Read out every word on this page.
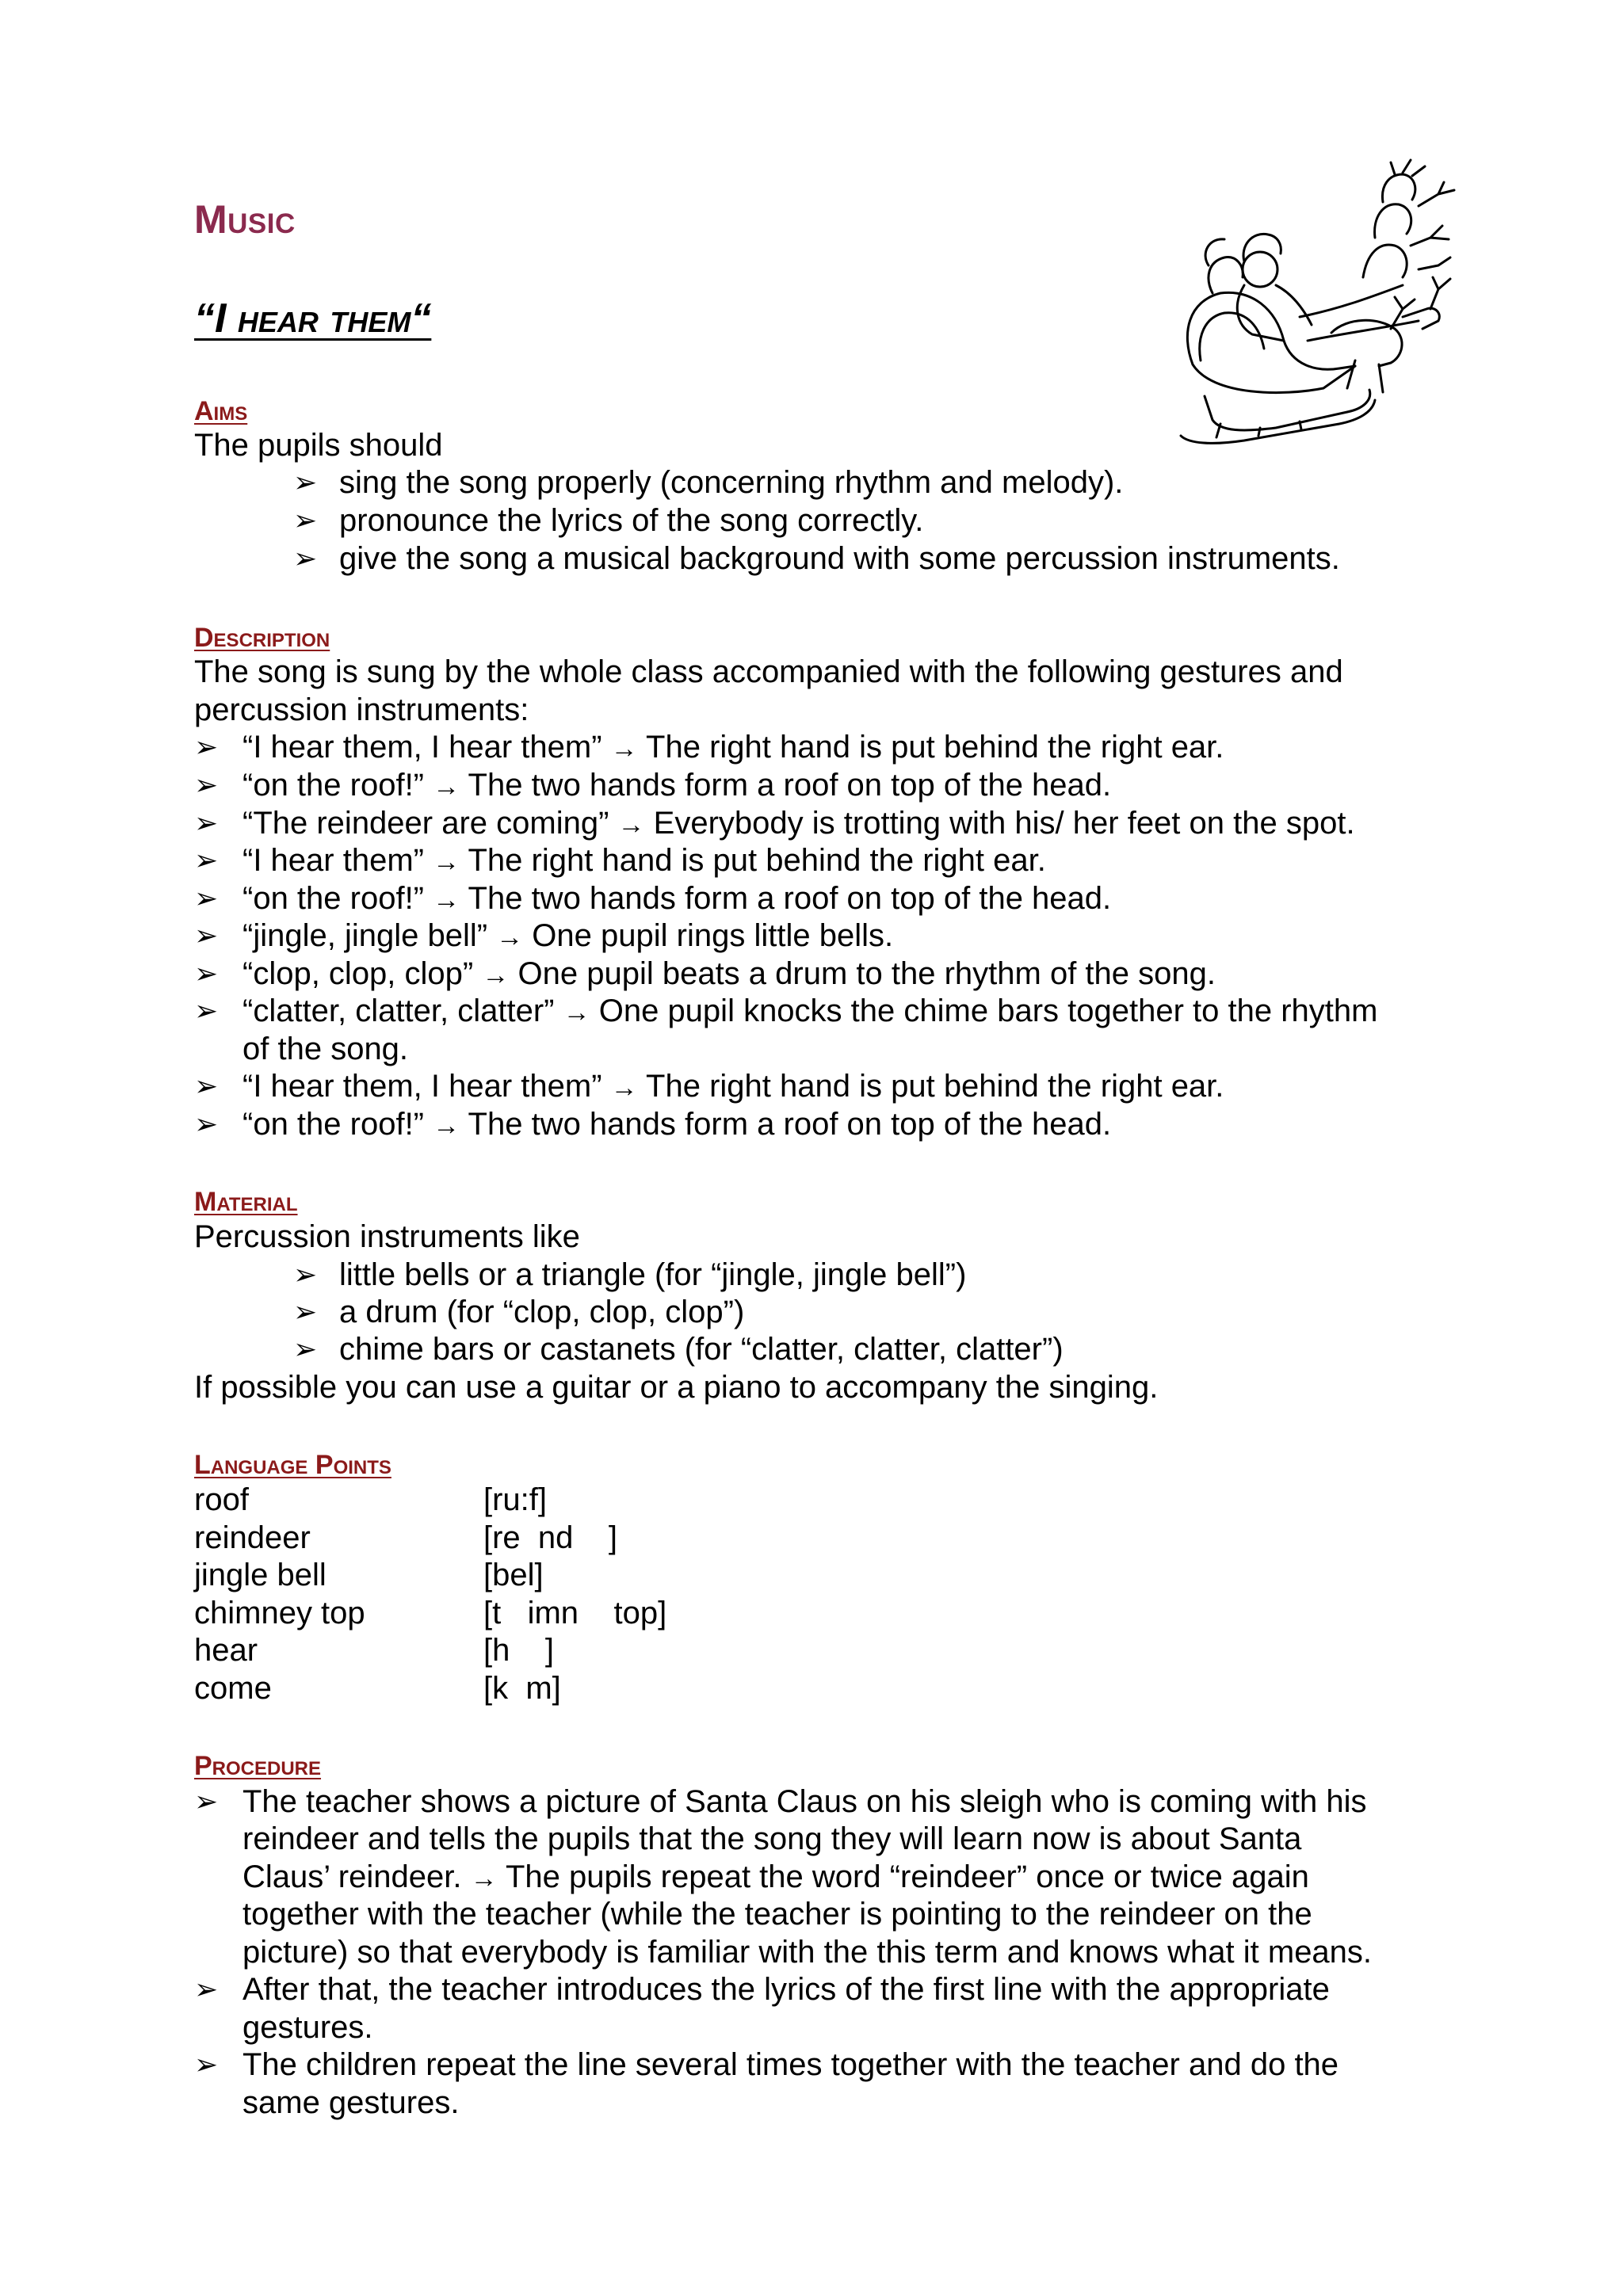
Music
“I hear them“
Aims

The pupils should

➢ sing the song properly (concerning rhythm and melody).

➢ pronounce the lyrics of the song correctly.

➢ give the song a musical background with some percussion instruments.

Description

The song is sung by the whole class accompanied with the following gestures and

percussion instruments:

➢ “I hear them, I hear them” → The right hand is put behind the right ear.

➢ “on the roof!” → The two hands form a roof on top of the head.

➢ “The reindeer are coming” → Everybody is trotting with his/ her feet on the spot.

➢ “I hear them” → The right hand is put behind the right ear.

➢ “on the roof!” → The two hands form a roof on top of the head.

➢ “jingle, jingle bell” → One pupil rings little bells.

➢ “clop, clop, clop” → One pupil beats a drum to the rhythm of the song.

➢ “clatter, clatter, clatter” → One pupil knocks the chime bars together to the rhythm

of the song.

➢ “I hear them, I hear them” → The right hand is put behind the right ear.

➢ “on the roof!” → The two hands form a roof on top of the head.

Material

Percussion instruments like

➢ little bells or a triangle (for “jingle, jingle bell”)

➢ a drum (for “clop, clop, clop”)

➢ chime bars or castanets (for “clatter, clatter, clatter”)

If possible you can use a guitar or a piano to accompany the singing.

Language Points
roof	[ru:f]
reindeer	[re  nd    ]
jingle bell	[bel]
chimney top	[t   imn    top]
hear	[h    ]
come	[k  m]
Procedure
➢ The teacher shows a picture of Santa Claus on his sleigh who is coming with his

reindeer and tells the pupils that the song they will learn now is about Santa

Claus’ reindeer. → The pupils repeat the word “reindeer” once or twice again

together with the teacher (while the teacher is pointing to the reindeer on the

picture) so that everybody is familiar with the this term and knows what it means.

➢ After that, the teacher introduces the lyrics of the first line with the appropriate

gestures.

➢ The children repeat the line several times together with the teacher and do the

same gestures.
